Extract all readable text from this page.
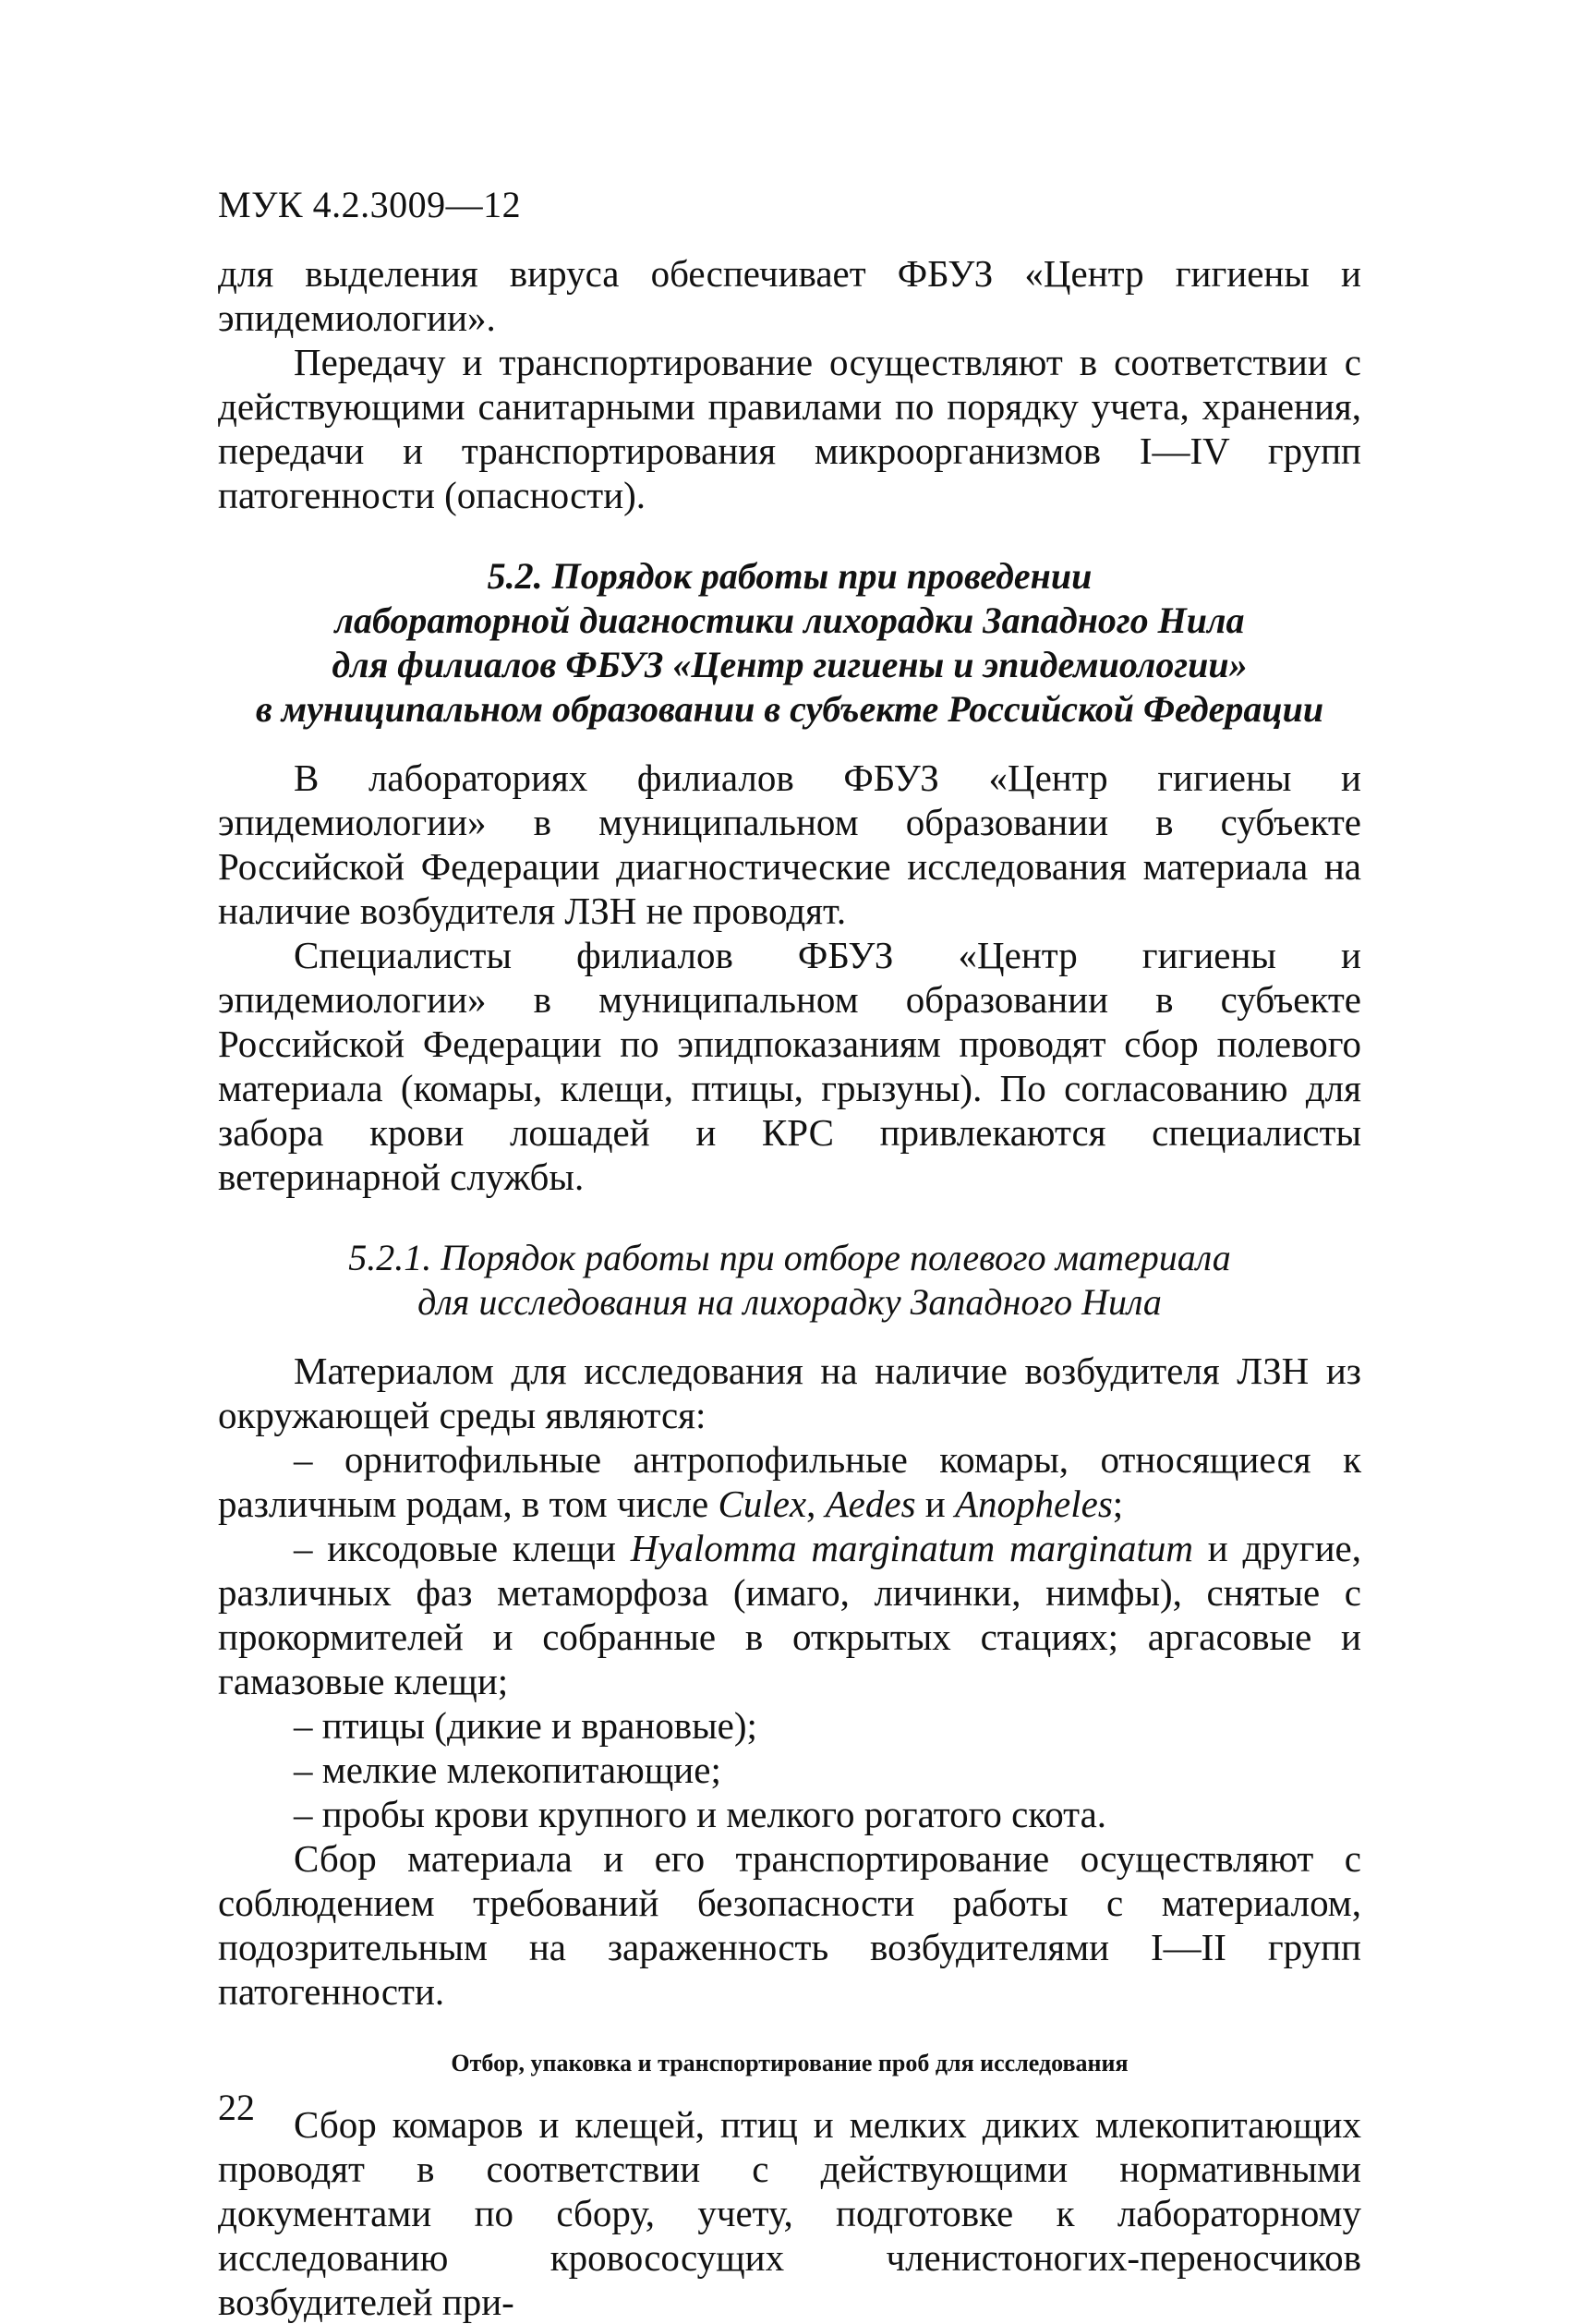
МУК 4.2.3009—12

для выделения вируса обеспечивает ФБУЗ «Центр гигиены и эпидемиологии».

Передачу и транспортирование осуществляют в соответствии с действующими санитарными правилами по порядку учета, хранения, передачи и транспортирования микроорганизмов I—IV групп патогенности (опасности).

5.2. Порядок работы при проведении
лабораторной диагностики лихорадки Западного Нила
для филиалов ФБУЗ «Центр гигиены и эпидемиологии»
в муниципальном образовании в субъекте Российской Федерации

В лабораториях филиалов ФБУЗ «Центр гигиены и эпидемиологии» в муниципальном образовании в субъекте Российской Федерации диагностические исследования материала на наличие возбудителя ЛЗН не проводят.

Специалисты филиалов ФБУЗ «Центр гигиены и эпидемиологии» в муниципальном образовании в субъекте Российской Федерации по эпидпоказаниям проводят сбор полевого материала (комары, клещи, птицы, грызуны). По согласованию для забора крови лошадей и КРС привлекаются специалисты ветеринарной службы.

5.2.1. Порядок работы при отборе полевого материала
для исследования на лихорадку Западного Нила

Материалом для исследования на наличие возбудителя ЛЗН из окружающей среды являются:

– орнитофильные антропофильные комары, относящиеся к различным родам, в том числе Culex, Aedes и Anopheles;

– иксодовые клещи Hyalomma marginatum marginatum и другие, различных фаз метаморфоза (имаго, личинки, нимфы), снятые с прокормителей и собранные в открытых стациях; аргасовые и гамазовые клещи;

– птицы (дикие и врановые);

– мелкие млекопитающие;

– пробы крови крупного и мелкого рогатого скота.

Сбор материала и его транспортирование осуществляют с соблюдением требований безопасности работы с материалом, подозрительным на зараженность возбудителями I—II групп патогенности.

Отбор, упаковка и транспортирование проб для исследования

Сбор комаров и клещей, птиц и мелких диких млекопитающих проводят в соответствии с действующими нормативными документами по сбору, учету, подготовке к лабораторному исследованию кровососущих членистоногих-переносчиков возбудителей при-

22
